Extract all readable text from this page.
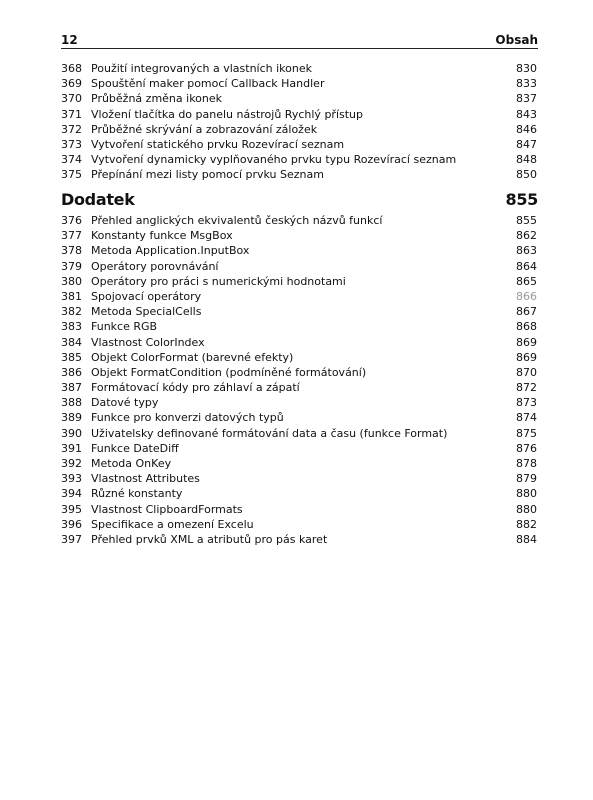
12	Obsah
368 Použití integrovaných a vlastních ikonek	830
369 Spouštění maker pomocí Callback Handler	833
370 Průběžná změna ikonek	837
371 Vložení tlačítka do panelu nástrojů Rychlý přístup	843
372 Průběžné skrývání a zobrazování záložek	846
373 Vytvoření statického prvku Rozevírací seznam	847
374 Vytvoření dynamicky vyplňovaného prvku typu Rozevírací seznam	848
375 Přepínání mezi listy pomocí prvku Seznam	850
Dodatek	855
376 Přehled anglických ekvivalentů českých názvů funkcí	855
377 Konstanty funkce MsgBox	862
378 Metoda Application.InputBox	863
379 Operátory porovnávání	864
380 Operátory pro práci s numerickými hodnotami	865
381 Spojovací operátory	866
382 Metoda SpecialCells	867
383 Funkce RGB	868
384 Vlastnost ColorIndex	869
385 Objekt ColorFormat (barevné efekty)	869
386 Objekt FormatCondition (podmíněné formátování)	870
387 Formátovací kódy pro záhlaví a zápatí	872
388 Datové typy	873
389 Funkce pro konverzi datových typů	874
390 Uživatelsky definované formátování data a času (funkce Format)	875
391 Funkce DateDiff	876
392 Metoda OnKey	878
393 Vlastnost Attributes	879
394 Různé konstanty	880
395 Vlastnost ClipboardFormats	880
396 Specifikace a omezení Excelu	882
397 Přehled prvků XML a atributů pro pás karet	884
